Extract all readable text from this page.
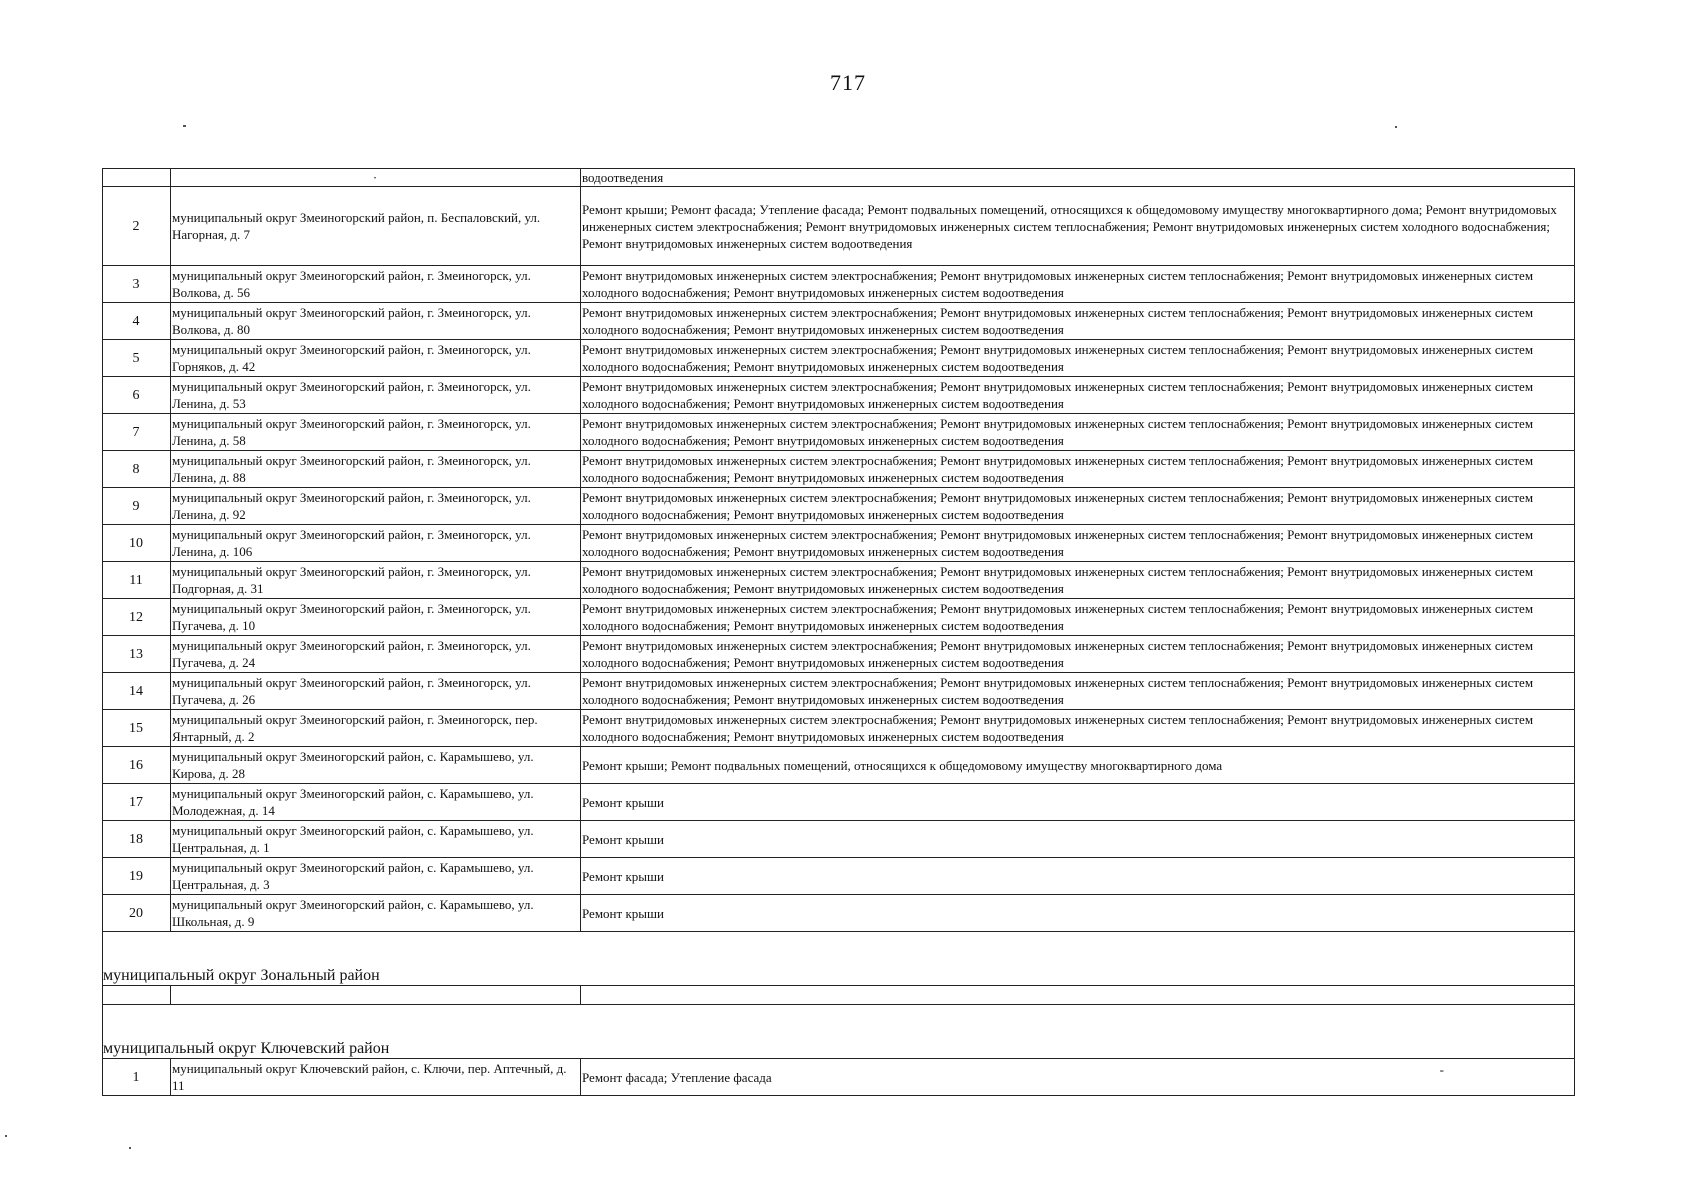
717
	·	водоотведения
2	муниципальный округ Змеиногорский район, п. Беспаловский, ул. Нагорная, д. 7	Ремонт крыши; Ремонт фасада; Утепление фасада; Ремонт подвальных помещений, относящихся к общедомовому имуществу многоквартирного дома; Ремонт внутридомовых инженерных систем электроснабжения; Ремонт внутридомовых инженерных систем теплоснабжения; Ремонт внутридомовых инженерных систем холодного водоснабжения; Ремонт внутридомовых инженерных систем водоотведения
3	муниципальный округ Змеиногорский район, г. Змеиногорск, ул. Волкова, д. 56	Ремонт внутридомовых инженерных систем электроснабжения; Ремонт внутридомовых инженерных систем теплоснабжения; Ремонт внутридомовых инженерных систем холодного водоснабжения; Ремонт внутридомовых инженерных систем водоотведения
4	муниципальный округ Змеиногорский район, г. Змеиногорск, ул. Волкова, д. 80	Ремонт внутридомовых инженерных систем электроснабжения; Ремонт внутридомовых инженерных систем теплоснабжения; Ремонт внутридомовых инженерных систем холодного водоснабжения; Ремонт внутридомовых инженерных систем водоотведения
5	муниципальный округ Змеиногорский район, г. Змеиногорск, ул. Горняков, д. 42	Ремонт внутридомовых инженерных систем электроснабжения; Ремонт внутридомовых инженерных систем теплоснабжения; Ремонт внутридомовых инженерных систем холодного водоснабжения; Ремонт внутридомовых инженерных систем водоотведения
6	муниципальный округ Змеиногорский район, г. Змеиногорск, ул. Ленина, д. 53	Ремонт внутридомовых инженерных систем электроснабжения; Ремонт внутридомовых инженерных систем теплоснабжения; Ремонт внутридомовых инженерных систем холодного водоснабжения; Ремонт внутридомовых инженерных систем водоотведения
7	муниципальный округ Змеиногорский район, г. Змеиногорск, ул. Ленина, д. 58	Ремонт внутридомовых инженерных систем электроснабжения; Ремонт внутридомовых инженерных систем теплоснабжения; Ремонт внутридомовых инженерных систем холодного водоснабжения; Ремонт внутридомовых инженерных систем водоотведения
8	муниципальный округ Змеиногорский район, г. Змеиногорск, ул. Ленина, д. 88	Ремонт внутридомовых инженерных систем электроснабжения; Ремонт внутридомовых инженерных систем теплоснабжения; Ремонт внутридомовых инженерных систем холодного водоснабжения; Ремонт внутридомовых инженерных систем водоотведения
9	муниципальный округ Змеиногорский район, г. Змеиногорск, ул. Ленина, д. 92	Ремонт внутридомовых инженерных систем электроснабжения; Ремонт внутридомовых инженерных систем теплоснабжения; Ремонт внутридомовых инженерных систем холодного водоснабжения; Ремонт внутридомовых инженерных систем водоотведения
10	муниципальный округ Змеиногорский район, г. Змеиногорск, ул. Ленина, д. 106	Ремонт внутридомовых инженерных систем электроснабжения; Ремонт внутридомовых инженерных систем теплоснабжения; Ремонт внутридомовых инженерных систем холодного водоснабжения; Ремонт внутридомовых инженерных систем водоотведения
11	муниципальный округ Змеиногорский район, г. Змеиногорск, ул. Подгорная, д. 31	Ремонт внутридомовых инженерных систем электроснабжения; Ремонт внутридомовых инженерных систем теплоснабжения; Ремонт внутридомовых инженерных систем холодного водоснабжения; Ремонт внутридомовых инженерных систем водоотведения
12	муниципальный округ Змеиногорский район, г. Змеиногорск, ул. Пугачева, д. 10	Ремонт внутридомовых инженерных систем электроснабжения; Ремонт внутридомовых инженерных систем теплоснабжения; Ремонт внутридомовых инженерных систем холодного водоснабжения; Ремонт внутридомовых инженерных систем водоотведения
13	муниципальный округ Змеиногорский район, г. Змеиногорск, ул. Пугачева, д. 24	Ремонт внутридомовых инженерных систем электроснабжения; Ремонт внутридомовых инженерных систем теплоснабжения; Ремонт внутридомовых инженерных систем холодного водоснабжения; Ремонт внутридомовых инженерных систем водоотведения
14	муниципальный округ Змеиногорский район, г. Змеиногорск, ул. Пугачева, д. 26	Ремонт внутридомовых инженерных систем электроснабжения; Ремонт внутридомовых инженерных систем теплоснабжения; Ремонт внутридомовых инженерных систем холодного водоснабжения; Ремонт внутридомовых инженерных систем водоотведения
15	муниципальный округ Змеиногорский район, г. Змеиногорск, пер. Янтарный, д. 2	Ремонт внутридомовых инженерных систем электроснабжения; Ремонт внутридомовых инженерных систем теплоснабжения; Ремонт внутридомовых инженерных систем холодного водоснабжения; Ремонт внутридомовых инженерных систем водоотведения
16	муниципальный округ Змеиногорский район, с. Карамышево, ул. Кирова, д. 28	Ремонт крыши; Ремонт подвальных помещений, относящихся к общедомовому имуществу многоквартирного дома
17	муниципальный округ Змеиногорский район, с. Карамышево, ул. Молодежная, д. 14	Ремонт крыши
18	муниципальный округ Змеиногорский район, с. Карамышево, ул. Центральная, д. 1	Ремонт крыши
19	муниципальный округ Змеиногорский район, с. Карамышево, ул. Центральная, д. 3	Ремонт крыши
20	муниципальный округ Змеиногорский район, с. Карамышево, ул. Школьная, д. 9	Ремонт крыши
муниципальный округ Зональный район		

муниципальный округ Ключевский район		
1	муниципальный округ Ключевский район, с. Ключи, пер. Аптечный, д. 11	Ремонт фасада; Утепление фасада -
